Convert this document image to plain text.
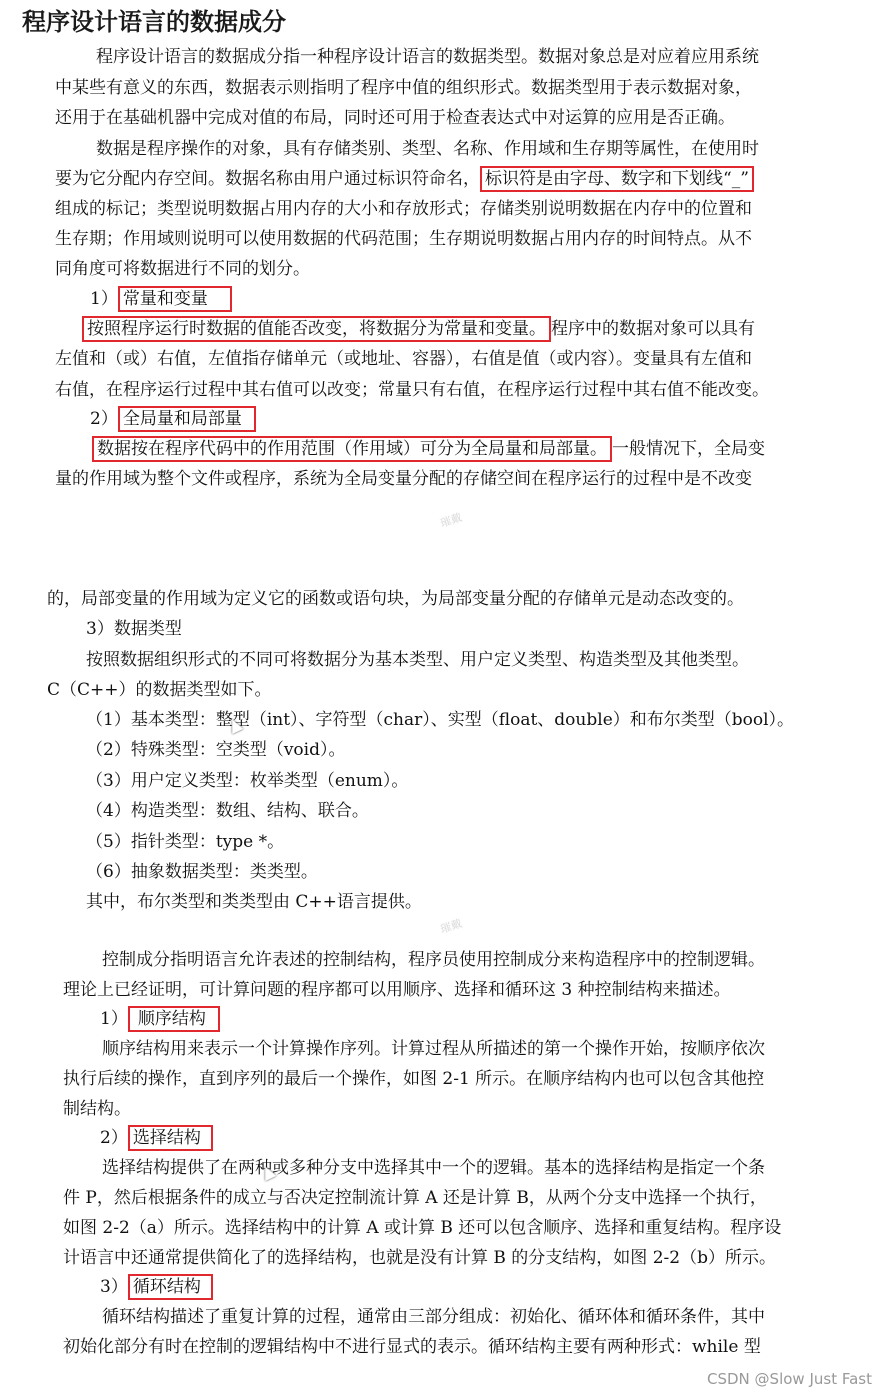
程序设计语言的数据成分
程序设计语言的数据成分指一种程序设计语言的数据类型。数据对象总是对应着应用系统
中某些有意义的东西，数据表示则指明了程序中值的组织形式。数据类型用于表示数据对象，
还用于在基础机器中完成对值的布局，同时还可用于检查表达式中对运算的应用是否正确。
数据是程序操作的对象，具有存储类别、类型、名称、作用域和生存期等属性，在使用时
要为它分配内存空间。数据名称由用户通过标识符命名， 标识符是由字母、数字和下划线“_”
组成的标记；类型说明数据占用内存的大小和存放形式；存储类别说明数据在内存中的位置和
生存期；作用域则说明可以使用数据的代码范围；生存期说明数据占用内存的时间特点。从不
同角度可将数据进行不同的划分。
1） 常量和变量
按照程序运行时数据的值能否改变，将数据分为常量和变量。 程序中的数据对象可以具有
左值和（或）右值，左值指存储单元（或地址、容器），右值是值（或内容）。变量具有左值和
右值，在程序运行过程中其右值可以改变；常量只有右值，在程序运行过程中其右值不能改变。
2） 全局量和局部量
数据按在程序代码中的作用范围（作用域）可分为全局量和局部量。 一般情况下，全局变
量的作用域为整个文件或程序，系统为全局变量分配的存储空间在程序运行的过程中是不改变
璀戴
的，局部变量的作用域为定义它的函数或语句块，为局部变量分配的存储单元是动态改变的。
3）数据类型
按照数据组织形式的不同可将数据分为基本类型、用户定义类型、构造类型及其他类型。
C（C++）的数据类型如下。
（1）基本类型：整型（int）、字符型（char）、实型（float、double）和布尔类型（bool）。
（2）特殊类型：空类型（void）。
（3）用户定义类型：枚举类型（enum）。
（4）构造类型：数组、结构、联合。
（5）指针类型：type *。
（6）抽象数据类型：类类型。
其中，布尔类型和类类型由 C++语言提供。
璀戴
控制成分指明语言允许表述的控制结构，程序员使用控制成分来构造程序中的控制逻辑。
理论上已经证明，可计算问题的程序都可以用顺序、选择和循环这 3 种控制结构来描述。
1） 顺序结构
顺序结构用来表示一个计算操作序列。计算过程从所描述的第一个操作开始，按顺序依次
执行后续的操作，直到序列的最后一个操作，如图 2-1 所示。在顺序结构内也可以包含其他控
制结构。
2） 选择结构
选择结构提供了在两种或多种分支中选择其中一个的逻辑。基本的选择结构是指定一个条
件 P，然后根据条件的成立与否决定控制流计算 A 还是计算 B，从两个分支中选择一个执行，
如图 2-2（a）所示。选择结构中的计算 A 或计算 B 还可以包含顺序、选择和重复结构。程序设
计语言中还通常提供简化了的选择结构，也就是没有计算 B 的分支结构，如图 2-2（b）所示。
3） 循环结构
循环结构描述了重复计算的过程，通常由三部分组成：初始化、循环体和循环条件，其中
初始化部分有时在控制的逻辑结构中不进行显式的表示。循环结构主要有两种形式：while 型
CSDN @Slow Just Fast
